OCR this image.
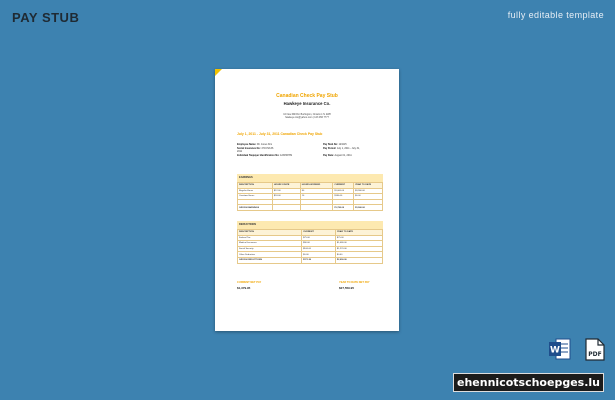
PAY STUB	fully editable template
Canadian Check Pay Stub
Hawkeye Insurance Co.
10 New Mill Rd. Burlington, Ontario L7L 2W8
hawkeye.ins@yahoo.com | 123 456 7777
July 1, 2011 - July 31, 2011 Canadian Check Pay Stub
Employee Name: Mr. Jones Kim
Social Insurance No: 470172136
2011
Individual Taxpayer Identification No: 123456789
Pay Stub No: 123415
Pay Period: July 1, 2011 - July 31,
Pay Date: August 01, 2011
EARNINGS
DESCRIPTION	HOURLY RATE	HOURS WORKED	CURRENT	YEAR TO DATE
Regular Hours	$12.00	80	$1,000.00	$3,900.00
Overtime Hours	$18.00	10	$180.00	$0.00

GROSS EARNINGS			$1,780.00	$3,900.00
DEDUCTIONS
DESCRIPTION	CURRENT	YEAR TO DATE
Federal Tax	$75.00	$75.00
Medical Insurance	$90.00	$1,080.00
Social Security	$160.00	$1,270.00
Other Deduction	$0.00	$0.00
GROSS DEDUCTIONS	$371.26	$2,090.00
CURRENT NET PAY
$1,379.95
YEAR TO DATE NET PAY
$27,559.95
W	PDF
ehennicotschoepges.lu
